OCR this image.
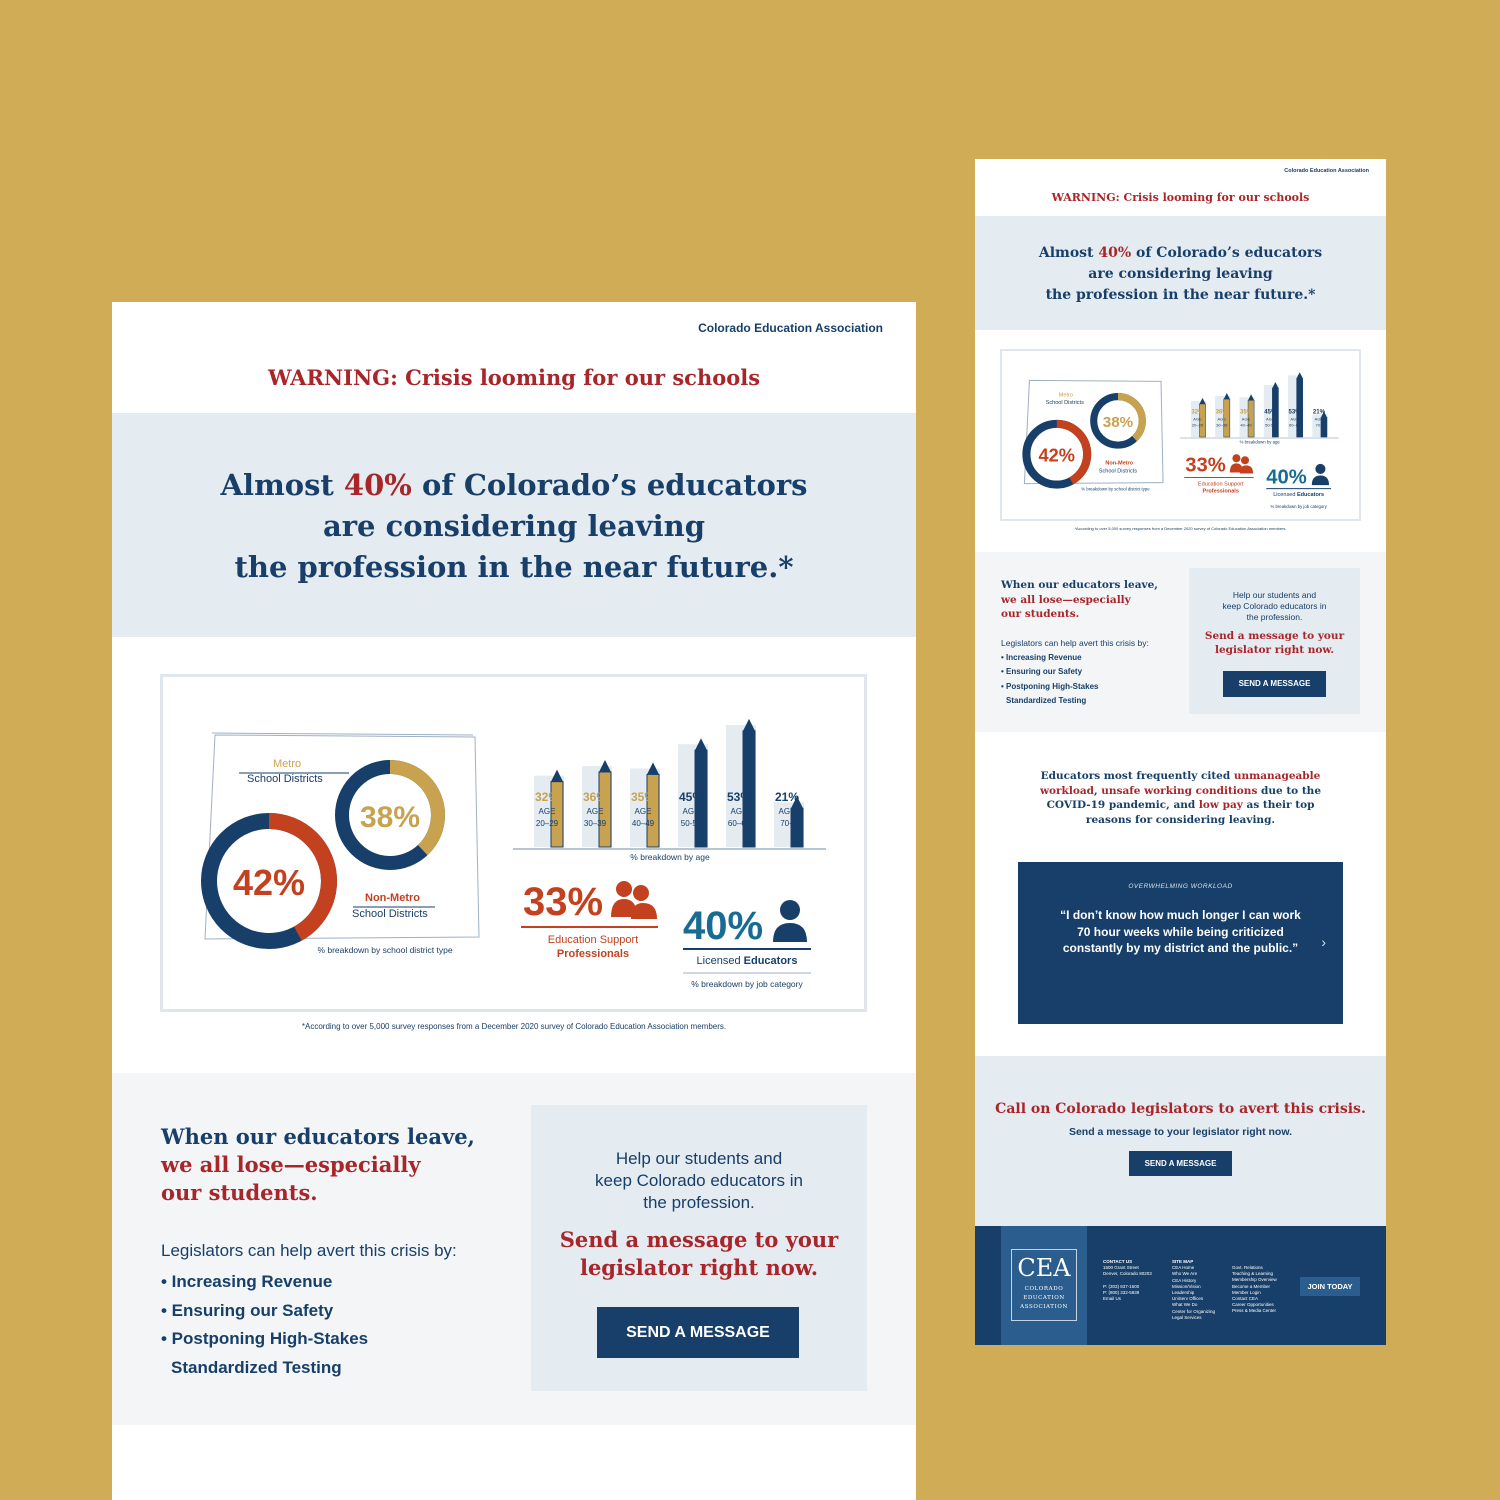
Colorado Education Association
WARNING: Crisis looming for our schools
Almost 40% of Colorado’s educators
are considering leaving
the profession in the near future.*
Metro
School Districts
38%
42%	Non-Metro
School Districts
% breakdown by school district type
32%
AGE
20–29
36%
AGE
30–39
35%
AGE
40–49
45%
AGE
50-59
53%
AGE
60–69
21%
AGE
70+
% breakdown by age
33%
Education Support
Professionals
40%
Licensed Educators
% breakdown by job category
*According to over 5,000 survey responses from a December 2020 survey of Colorado Education Association members.
When our educators leave,
we all lose—especially
our students.
Legislators can help avert this crisis by:
• Increasing Revenue
• Ensuring our Safety
• Postponing High-Stakes
Standardized Testing
Help our students and
keep Colorado educators in
the profession.
Send a message to your
legislator right now.
SEND A MESSAGE
Colorado Education Association
WARNING: Crisis looming for our schools
Almost 40% of Colorado’s educators
are considering leaving
the profession in the near future.*
Metro
School Districts
38%
42%	Non-Metro
School Districts
% breakdown by school district type
32%
AGE
20–29
36%
AGE
30–39
35%
AGE
40–49
45%
AGE
50-59
53%
AGE
60–69
21%
AGE
70+
% breakdown by age
33%
Education Support
Professionals
40%
Licensed Educators
% breakdown by job category
*According to over 5,000 survey responses from a December 2020 survey of Colorado Education Association members.
When our educators leave,
we all lose—especially
our students.
Legislators can help avert this crisis by:
• Increasing Revenue
• Ensuring our Safety
• Postponing High-Stakes
Standardized Testing
Help our students and
keep Colorado educators in
the profession.
Send a message to your
legislator right now.
SEND A MESSAGE
Educators most frequently cited unmanageable
workload, unsafe working conditions due to the
COVID-19 pandemic, and low pay as their top
reasons for considering leaving.
OVERWHELMING WORKLOAD
“I don’t know how much longer I can work 70 hour weeks while being criticized constantly by my district and the public.”	›
Call on Colorado legislators to avert this crisis.
Send a message to your legislator right now.
SEND A MESSAGE
CEA
COLORADO
EDUCATION
ASSOCIATION
CONTACT US
1500 Grant Street
Denver, Colorado 80203

P: (303) 837-1500
P: (800) 332-5939
Email Us
SITE MAP
CEA Home
Who We Are
CEA History
Mission/Vision
Leadership
UniServ Offices
What We Do
Center for Organizing
Legal Services
Govt. Relations
Teaching & Learning
Membership Overview
Become a Member
Member Login
Contact CEA
Career Opportunities
Press & Media Center
JOIN TODAY
